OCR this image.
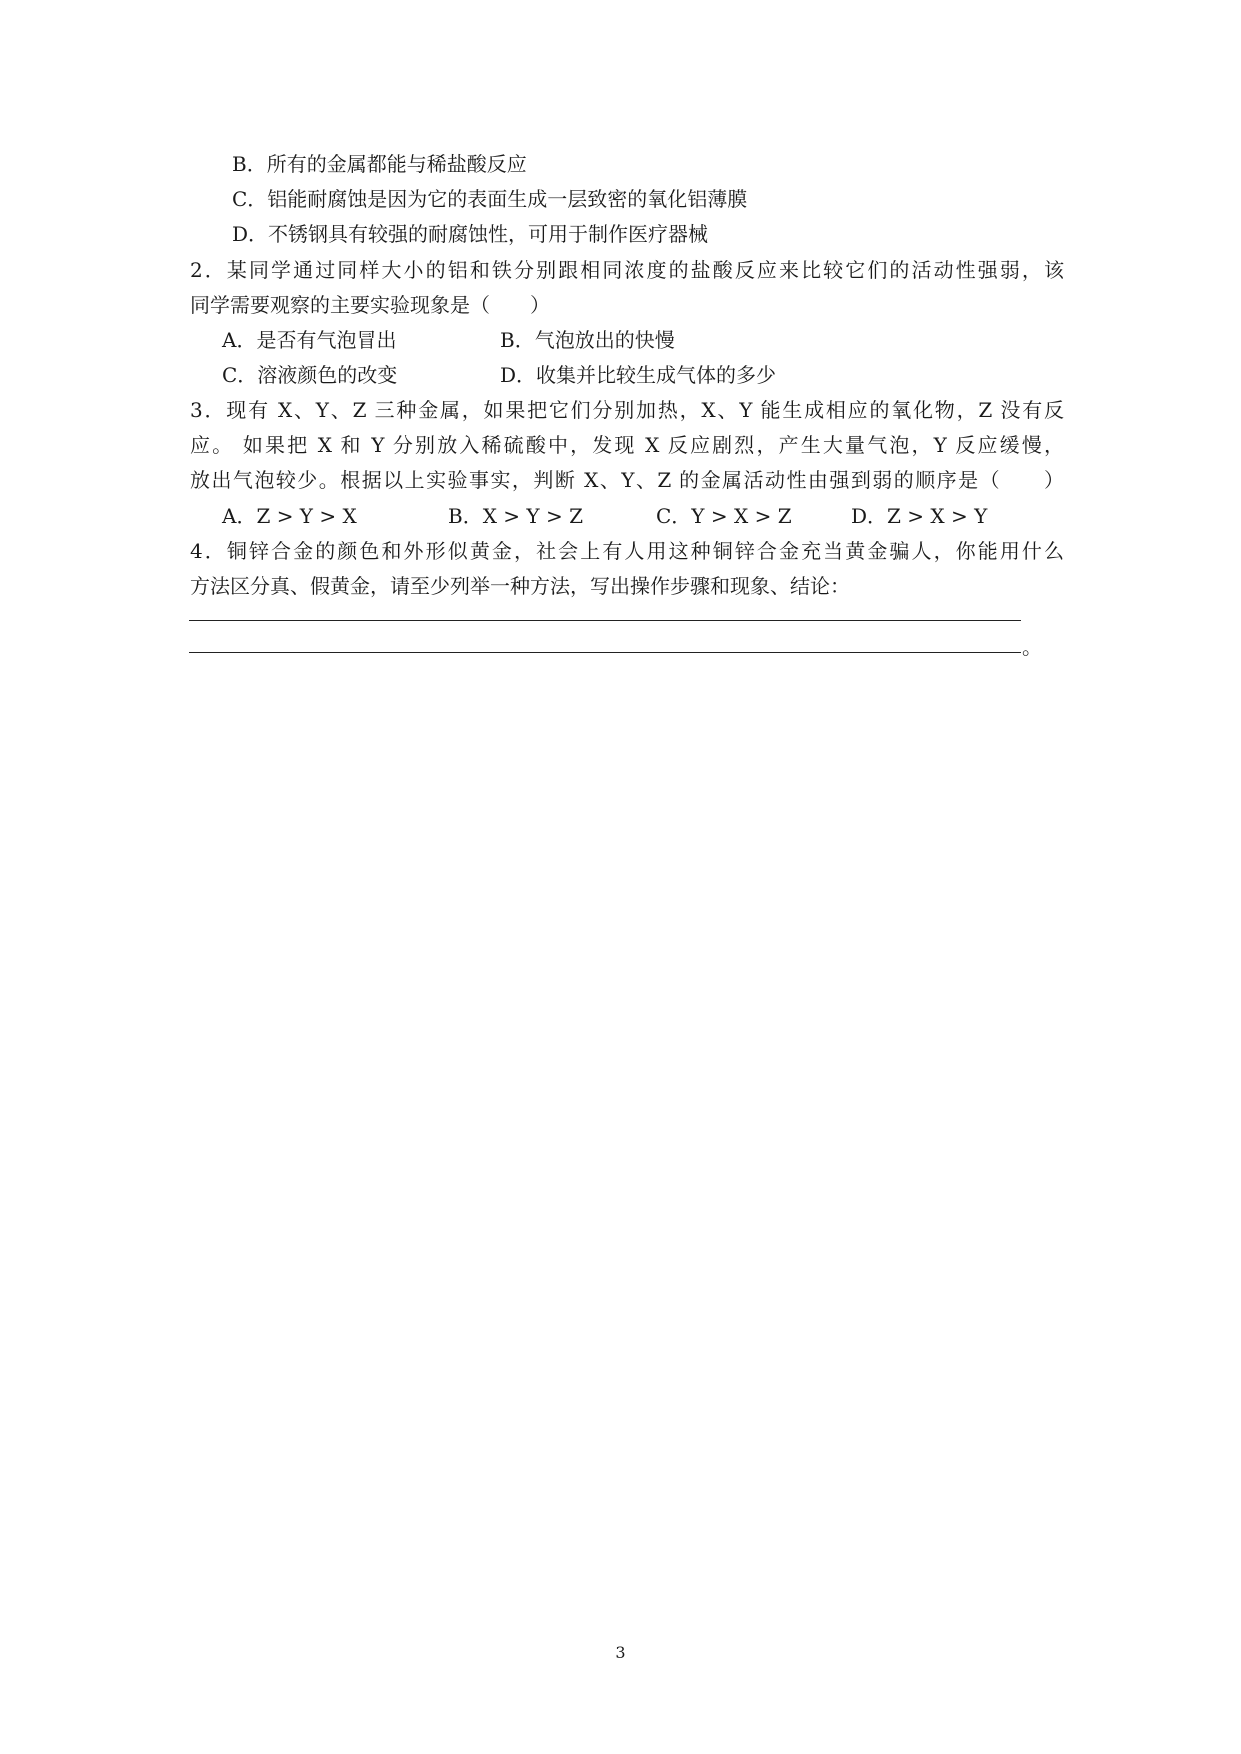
B．所有的金属都能与稀盐酸反应
C．铝能耐腐蚀是因为它的表面生成一层致密的氧化铝薄膜
D．不锈钢具有较强的耐腐蚀性，可用于制作医疗器械
2．某同学通过同样大小的铝和铁分别跟相同浓度的盐酸反应来比较它们的活动性强弱，该
同学需要观察的主要实验现象是（　　）
A．是否有气泡冒出	B．气泡放出的快慢
C．溶液颜色的改变	D．收集并比较生成气体的多少
3．现有 X、Y、Z 三种金属，如果把它们分别加热，X、Y 能生成相应的氧化物，Z 没有反
应。 如果把 X 和 Y 分别放入稀硫酸中，发现 X 反应剧烈，产生大量气泡，Y 反应缓慢，
放出气泡较少。根据以上实验事实，判断 X、Y、Z 的金属活动性由强到弱的顺序是（　　）
A．Z > Y > X	B．X > Y > Z	C．Y > X > Z	D．Z > X > Y
4．铜锌合金的颜色和外形似黄金，社会上有人用这种铜锌合金充当黄金骗人，你能用什么
方法区分真、假黄金，请至少列举一种方法，写出操作步骤和现象、结论：
。
3
